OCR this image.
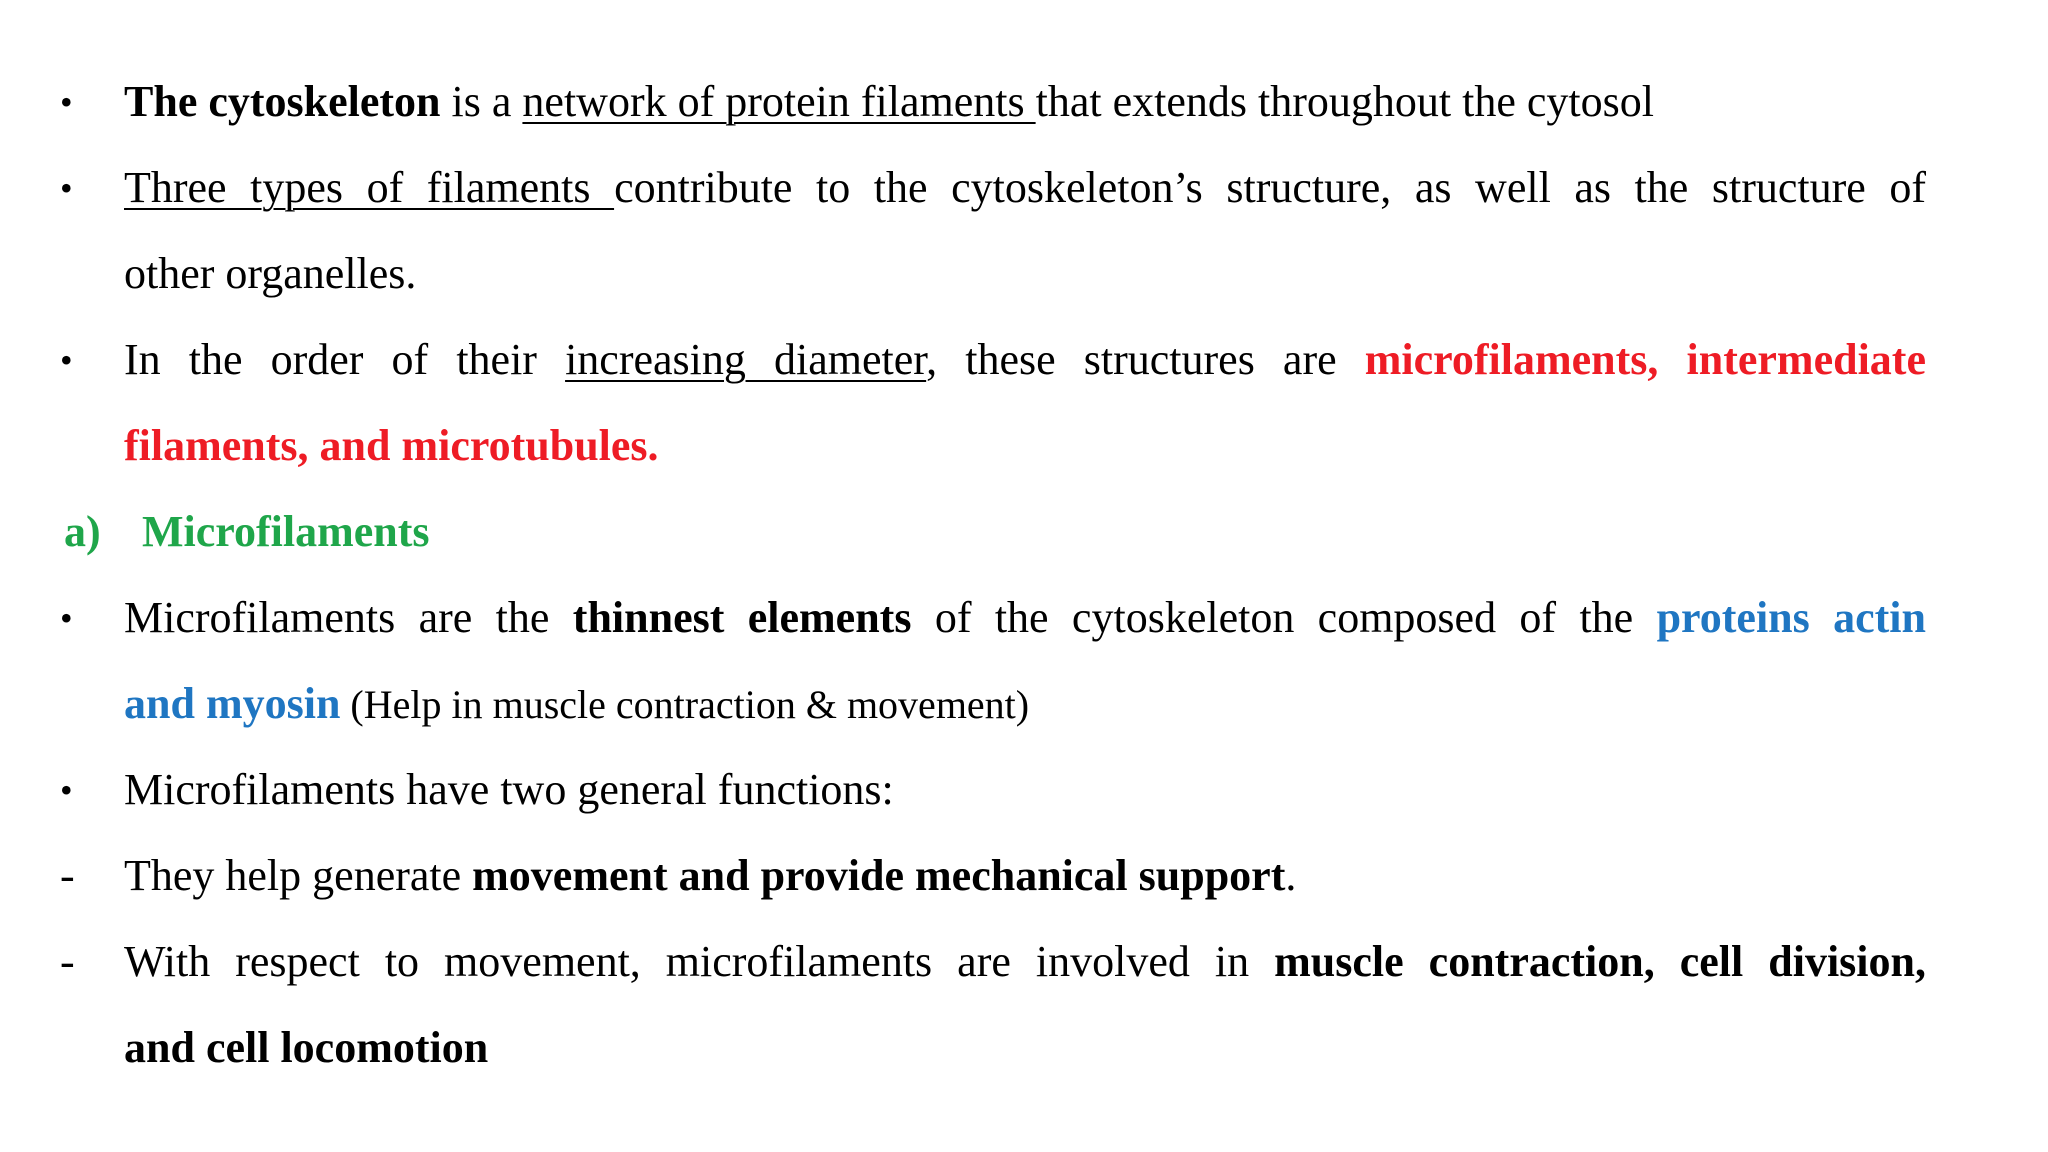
•	The cytoskeleton is a network of protein filaments that extends throughout the cytosol
•	Three types of filaments contribute to the cytoskeleton’s structure, as well as the structure of
other organelles.
•	In the order of their increasing diameter, these structures are microfilaments, intermediate
filaments, and microtubules.
a) Microfilaments
•	Microfilaments are the thinnest elements of the cytoskeleton composed of the proteins actin
and myosin (Help in muscle contraction & movement)
•	Microfilaments have two general functions:
-	They help generate movement and provide mechanical support.
-	With respect to movement, microfilaments are involved in muscle contraction, cell division,
and cell locomotion
